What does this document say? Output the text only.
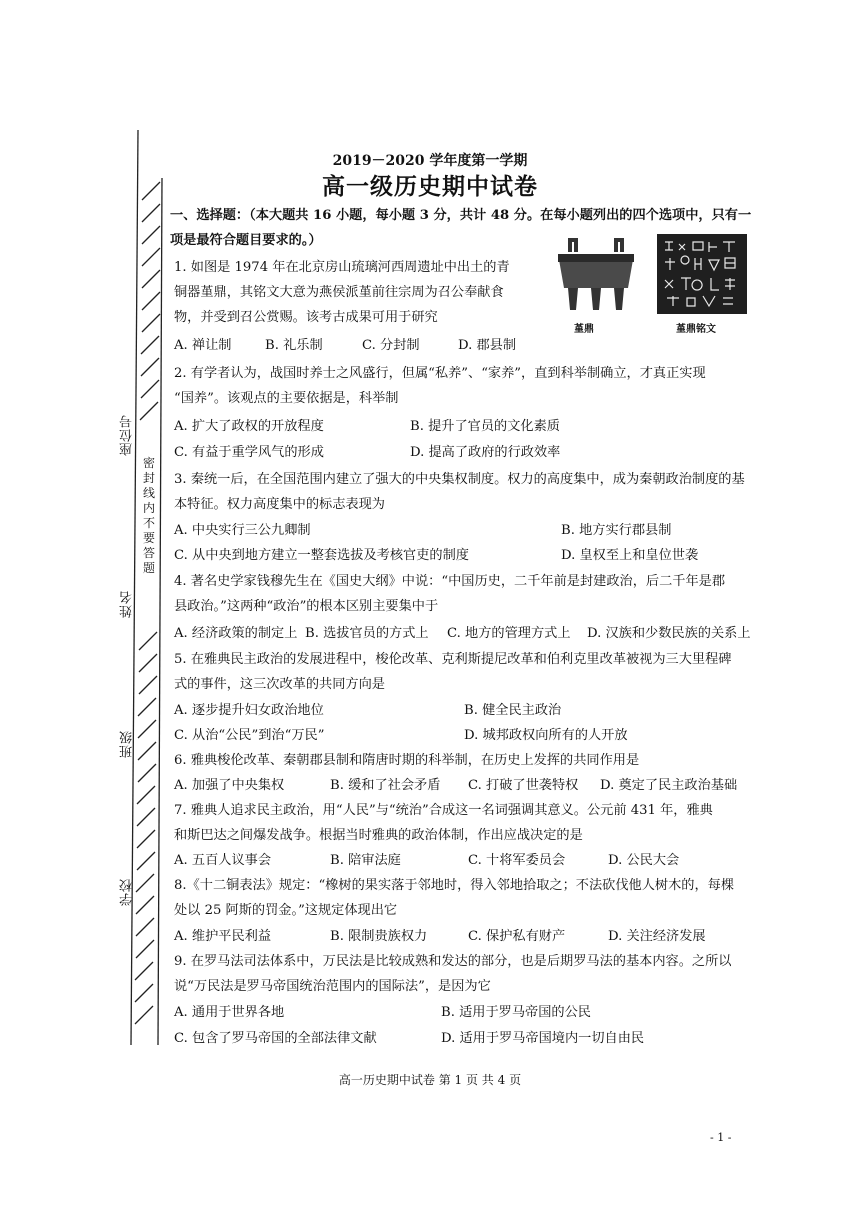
座位号
姓名
班级
学校
密
封
线
内
不
要
答
题
2019－2020 学年度第一学期
高一级历史期中试卷
一、选择题：（本大题共 16 小题，每小题 3 分，共计 48 分。在每小题列出的四个选项中，只有一
项是最符合题目要求的。）
堇鼎	堇鼎铭文
1. 如图是 1974 年在北京房山琉璃河西周遗址中出土的青
铜器堇鼎，其铭文大意为燕侯派堇前往宗周为召公奉献食
物，并受到召公赏赐。该考古成果可用于研究
A. 禅让制	B. 礼乐制	C. 分封制	D. 郡县制
2. 有学者认为，战国时养士之风盛行，但属“私养”、“家养”，直到科举制确立，才真正实现
“国养”。该观点的主要依据是，科举制
A. 扩大了政权的开放程度	B. 提升了官员的文化素质
C. 有益于重学风气的形成	D. 提高了政府的行政效率
3. 秦统一后，在全国范围内建立了强大的中央集权制度。权力的高度集中，成为秦朝政治制度的基
本特征。权力高度集中的标志表现为
A. 中央实行三公九卿制	B. 地方实行郡县制
C. 从中央到地方建立一整套选拔及考核官吏的制度	D. 皇权至上和皇位世袭
4. 著名史学家钱穆先生在《国史大纲》中说：“中国历史，二千年前是封建政治，后二千年是郡
县政治。”这两种“政治”的根本区别主要集中于
A. 经济政策的制定上 B. 选拔官员的方式上 C. 地方的管理方式上 D. 汉族和少数民族的关系上
5. 在雅典民主政治的发展进程中，梭伦改革、克利斯提尼改革和伯利克里改革被视为三大里程碑
式的事件，这三次改革的共同方向是
A. 逐步提升妇女政治地位	B. 健全民主政治
C. 从治“公民”到治“万民”	D. 城邦政权向所有的人开放
6. 雅典梭伦改革、秦朝郡县制和隋唐时期的科举制，在历史上发挥的共同作用是
A. 加强了中央集权	B. 缓和了社会矛盾 C. 打破了世袭特权 D. 奠定了民主政治基础
7. 雅典人追求民主政治，用“人民”与“统治”合成这一名词强调其意义。公元前 431 年，雅典
和斯巴达之间爆发战争。根据当时雅典的政治体制，作出应战决定的是
A. 五百人议事会	B. 陪审法庭	C. 十将军委员会	D. 公民大会
8.《十二铜表法》规定：“橡树的果实落于邻地时，得入邻地拾取之；不法砍伐他人树木的，每棵
处以 25 阿斯的罚金。”这规定体现出它
A. 维护平民利益	B. 限制贵族权力	C. 保护私有财产	D. 关注经济发展
9. 在罗马法司法体系中，万民法是比较成熟和发达的部分，也是后期罗马法的基本内容。之所以
说“万民法是罗马帝国统治范围内的国际法”，是因为它
A. 通用于世界各地	B. 适用于罗马帝国的公民
C. 包含了罗马帝国的全部法律文献	D. 适用于罗马帝国境内一切自由民
高一历史期中试卷 第 1 页 共 4 页
- 1 -
